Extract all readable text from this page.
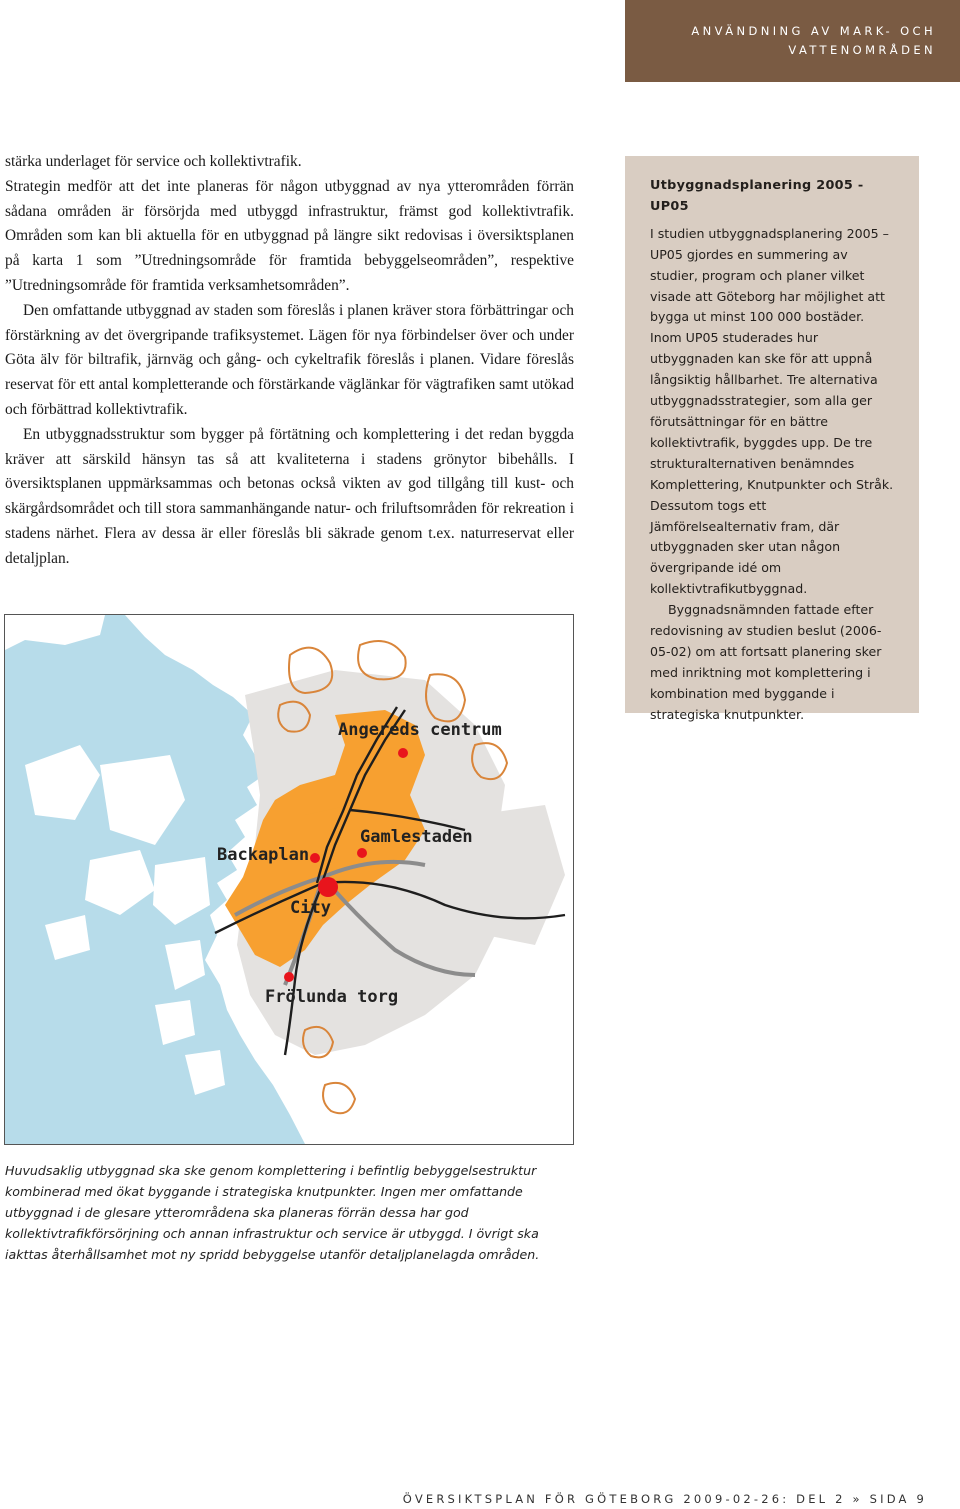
ANVÄNDNING AV MARK- OCH
VATTENOMRÅDEN

stärka underlaget för service och kollektivtrafik.

Strategin medför att det inte planeras för någon utbyggnad av nya ytterområden förrän sådana områden är försörjda med utbyggd infrastruktur, främst god kollektivtrafik. Områden som kan bli aktuella för en utbyggnad på längre sikt redovisas i översiktsplanen på karta 1 som ”Utredningsområde för framtida bebyggelseområden”, respektive ”Utredningsområde för framtida verksamhetsområden”.

Den omfattande utbyggnad av staden som föreslås i planen kräver stora förbättringar och förstärkning av det övergripande trafiksystemet. Lägen för nya förbindelser över och under Göta älv för biltrafik, järnväg och gång- och cykeltrafik föreslås i planen. Vidare föreslås reservat för ett antal kompletterande och förstärkande väglänkar för vägtrafiken samt utökad och förbättrad kollektivtrafik.

En utbyggnadsstruktur som bygger på förtätning och komplettering i det redan byggda kräver att särskild hänsyn tas så att kvaliteterna i stadens grönytor bibehålls. I översiktsplanen uppmärksammas och betonas också vikten av god tillgång till kust- och skärgårdsområdet och till stora sammanhängande natur- och friluftsområden för rekreation i stadens närhet. Flera av dessa är eller föreslås bli säkrade genom t.ex. naturreservat eller detaljplan.

Utbyggnadsplanering 2005 - UP05

I studien utbyggnadsplanering 2005 – UP05 gjordes en summering av studier, program och planer vilket visade att Göteborg har möjlighet att bygga ut minst 100 000 bostäder. Inom UP05 studerades hur utbyggnaden kan ske för att uppnå långsiktig hållbarhet. Tre alternativa utbyggnadsstrategier, som alla ger förutsättningar för en bättre kollektivtrafik, byggdes upp. De tre strukturalternativen benämndes Komplettering, Knutpunkter och Stråk. Dessutom togs ett Jämförelsealternativ fram, där utbyggnaden sker utan någon övergripande idé om kollektivtrafikutbyggnad.

Byggnadsnämnden fattade efter redovisning av studien beslut (2006-05-02) om att fortsatt planering sker med inriktning mot komplettering i kombination med byggande i strategiska knutpunkter.

Angereds centrum
Gamlestaden
Backaplan
City
Frölunda torg
Huvudsaklig utbyggnad ska ske genom komplettering i befintlig bebyggelsestruktur kombinerad med ökat byggande i strategiska knutpunkter. Ingen mer omfattande utbyggnad i de glesare ytterområdena ska planeras förrän dessa har god kollektivtrafikförsörjning och annan infrastruktur och service är utbyggd. I övrigt ska iakttas återhållsamhet mot ny spridd bebyggelse utanför detaljplanelagda områden.
ÖVERSIKTSPLAN FÖR GÖTEBORG 2009-02-26: DEL 2 » SIDA 9
